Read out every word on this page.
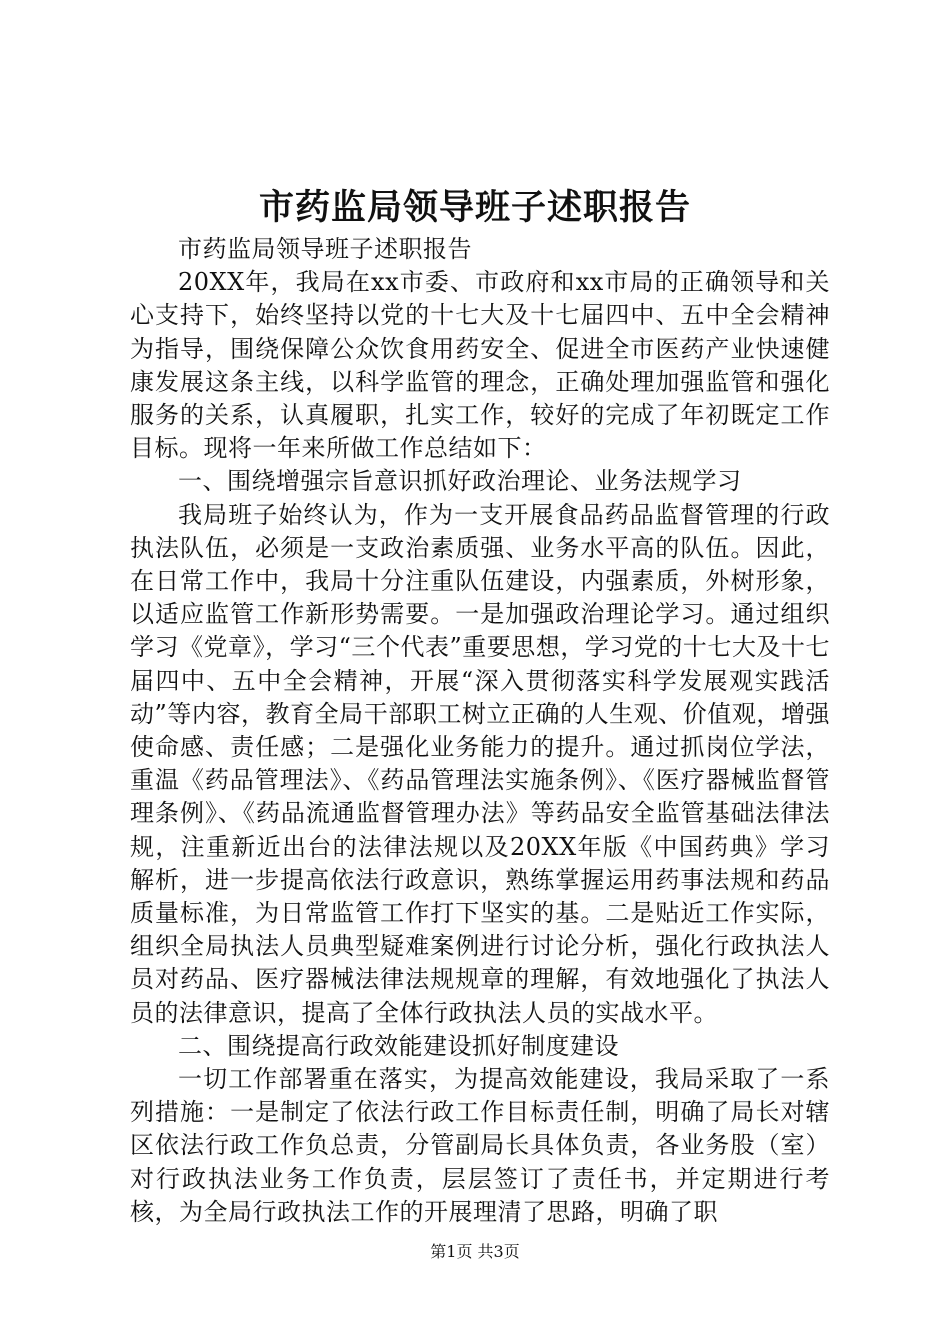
市药监局领导班子述职报告

市药监局领导班子述职报告

20XX年，我局在xx市委、市政府和xx市局的正确领导和关心支持下，始终坚持以党的十七大及十七届四中、五中全会精神为指导，围绕保障公众饮食用药安全、促进全市医药产业快速健康发展这条主线，以科学监管的理念，正确处理加强监管和强化服务的关系，认真履职，扎实工作，较好的完成了年初既定工作目标。现将一年来所做工作总结如下：

一、围绕增强宗旨意识抓好政治理论、业务法规学习

我局班子始终认为，作为一支开展食品药品监督管理的行政执法队伍，必须是一支政治素质强、业务水平高的队伍。因此，在日常工作中，我局十分注重队伍建设，内强素质，外树形象，以适应监管工作新形势需要。一是加强政治理论学习。通过组织学习《党章》，学习“三个代表”重要思想，学习党的十七大及十七届四中、五中全会精神，开展“深入贯彻落实科学发展观实践活动”等内容，教育全局干部职工树立正确的人生观、价值观，增强使命感、责任感；二是强化业务能力的提升。通过抓岗位学法，重温《药品管理法》、《药品管理法实施条例》、《医疗器械监督管理条例》、《药品流通监督管理办法》等药品安全监管基础法律法规，注重新近出台的法律法规以及20XX年版《中国药典》学习解析，进一步提高依法行政意识，熟练掌握运用药事法规和药品质量标准，为日常监管工作打下坚实的基。二是贴近工作实际，组织全局执法人员典型疑难案例进行讨论分析，强化行政执法人员对药品、医疗器械法律法规规章的理解，有效地强化了执法人员的法律意识，提高了全体行政执法人员的实战水平。

二、围绕提高行政效能建设抓好制度建设

一切工作部署重在落实，为提高效能建设，我局采取了一系列措施：一是制定了依法行政工作目标责任制，明确了局长对辖区依法行政工作负总责，分管副局长具体负责，各业务股（室）对行政执法业务工作负责，层层签订了责任书，并定期进行考核，为全局行政执法工作的开展理清了思路，明确了职

第1页 共3页
